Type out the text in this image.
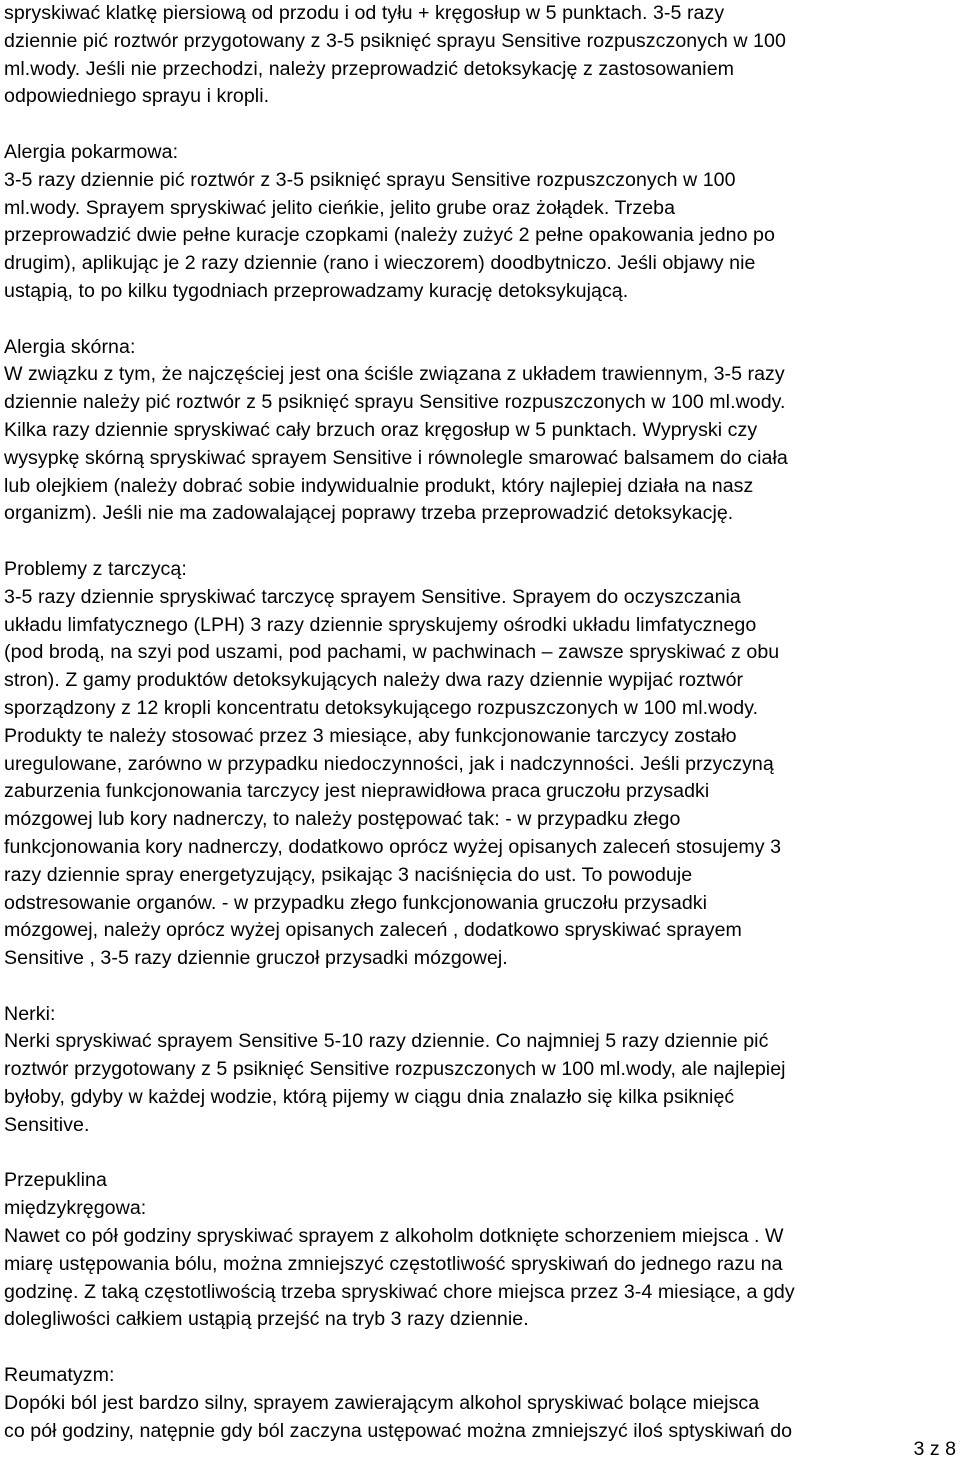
spryskiwać klatkę piersiową od przodu i od tyłu + kręgosłup w 5 punktach. 3-5 razy
dziennie pić roztwór przygotowany z 3-5 psiknięć sprayu Sensitive rozpuszczonych w 100
ml.wody. Jeśli nie przechodzi, należy przeprowadzić detoksykację z zastosowaniem
odpowiedniego sprayu i kropli.
Alergia pokarmowa:
3-5 razy dziennie pić roztwór z 3-5 psiknięć sprayu Sensitive rozpuszczonych w 100
ml.wody. Sprayem spryskiwać jelito cieńkie, jelito grube oraz żołądek. Trzeba
przeprowadzić dwie pełne kuracje czopkami (należy zużyć 2 pełne opakowania jedno po
drugim), aplikując je 2 razy dziennie (rano i wieczorem) doodbytniczo. Jeśli objawy nie
ustąpią, to po kilku tygodniach przeprowadzamy kurację detoksykującą.
Alergia skórna:
W związku z tym, że najczęściej jest ona ściśle związana z układem trawiennym, 3-5 razy
dziennie należy pić roztwór z 5 psiknięć sprayu Sensitive rozpuszczonych w 100 ml.wody.
Kilka razy dziennie spryskiwać cały brzuch oraz kręgosłup w 5 punktach. Wypryski czy
wysypkę skórną spryskiwać sprayem Sensitive i równolegle smarować balsamem do ciała
lub olejkiem (należy dobrać sobie indywidualnie produkt, który najlepiej działa na nasz
organizm). Jeśli nie ma zadowalającej poprawy trzeba przeprowadzić detoksykację.
Problemy z tarczycą:
3-5 razy dziennie spryskiwać tarczycę sprayem Sensitive. Sprayem do oczyszczania
układu limfatycznego (LPH) 3 razy dziennie spryskujemy ośrodki układu limfatycznego
(pod brodą, na szyi pod uszami, pod pachami, w pachwinach – zawsze spryskiwać z obu
stron). Z gamy produktów detoksykujących należy dwa razy dziennie wypijać roztwór
sporządzony z 12 kropli koncentratu detoksykującego rozpuszczonych w 100 ml.wody.
Produkty te należy stosować przez 3 miesiące, aby funkcjonowanie tarczycy zostało
uregulowane, zarówno w przypadku niedoczynności, jak i nadczynności. Jeśli przyczyną
zaburzenia funkcjonowania tarczycy jest nieprawidłowa praca gruczołu przysadki
mózgowej lub kory nadnerczy, to należy postępować tak: - w przypadku złego
funkcjonowania kory nadnerczy, dodatkowo oprócz wyżej opisanych zaleceń stosujemy 3
razy dziennie spray energetyzujący, psikając 3 naciśnięcia do ust. To powoduje
odstresowanie organów. - w przypadku złego funkcjonowania gruczołu przysadki
mózgowej, należy oprócz wyżej opisanych zaleceń , dodatkowo spryskiwać sprayem
Sensitive , 3-5 razy dziennie gruczoł przysadki mózgowej.
Nerki:
Nerki spryskiwać sprayem Sensitive 5-10 razy dziennie. Co najmniej 5 razy dziennie pić
roztwór przygotowany z 5 psiknięć Sensitive rozpuszczonych w 100 ml.wody, ale najlepiej
byłoby, gdyby w każdej wodzie, którą pijemy w ciągu dnia znalazło się kilka psiknięć
Sensitive.
Przepuklina
międzykręgowa:
Nawet co pół godziny spryskiwać sprayem z alkoholm dotknięte schorzeniem miejsca . W
miarę ustępowania bólu, można zmniejszyć częstotliwość spryskiwań do jednego razu na
godzinę. Z taką częstotliwością trzeba spryskiwać chore miejsca przez 3-4 miesiące, a gdy
dolegliwości całkiem ustąpią przejść na tryb 3 razy dziennie.
Reumatyzm:
Dopóki ból jest bardzo silny, sprayem zawierającym alkohol spryskiwać bolące miejsca
co pół godziny, natępnie gdy ból zaczyna ustępować można zmniejszyć iloś sptyskiwań do
3 z 8
